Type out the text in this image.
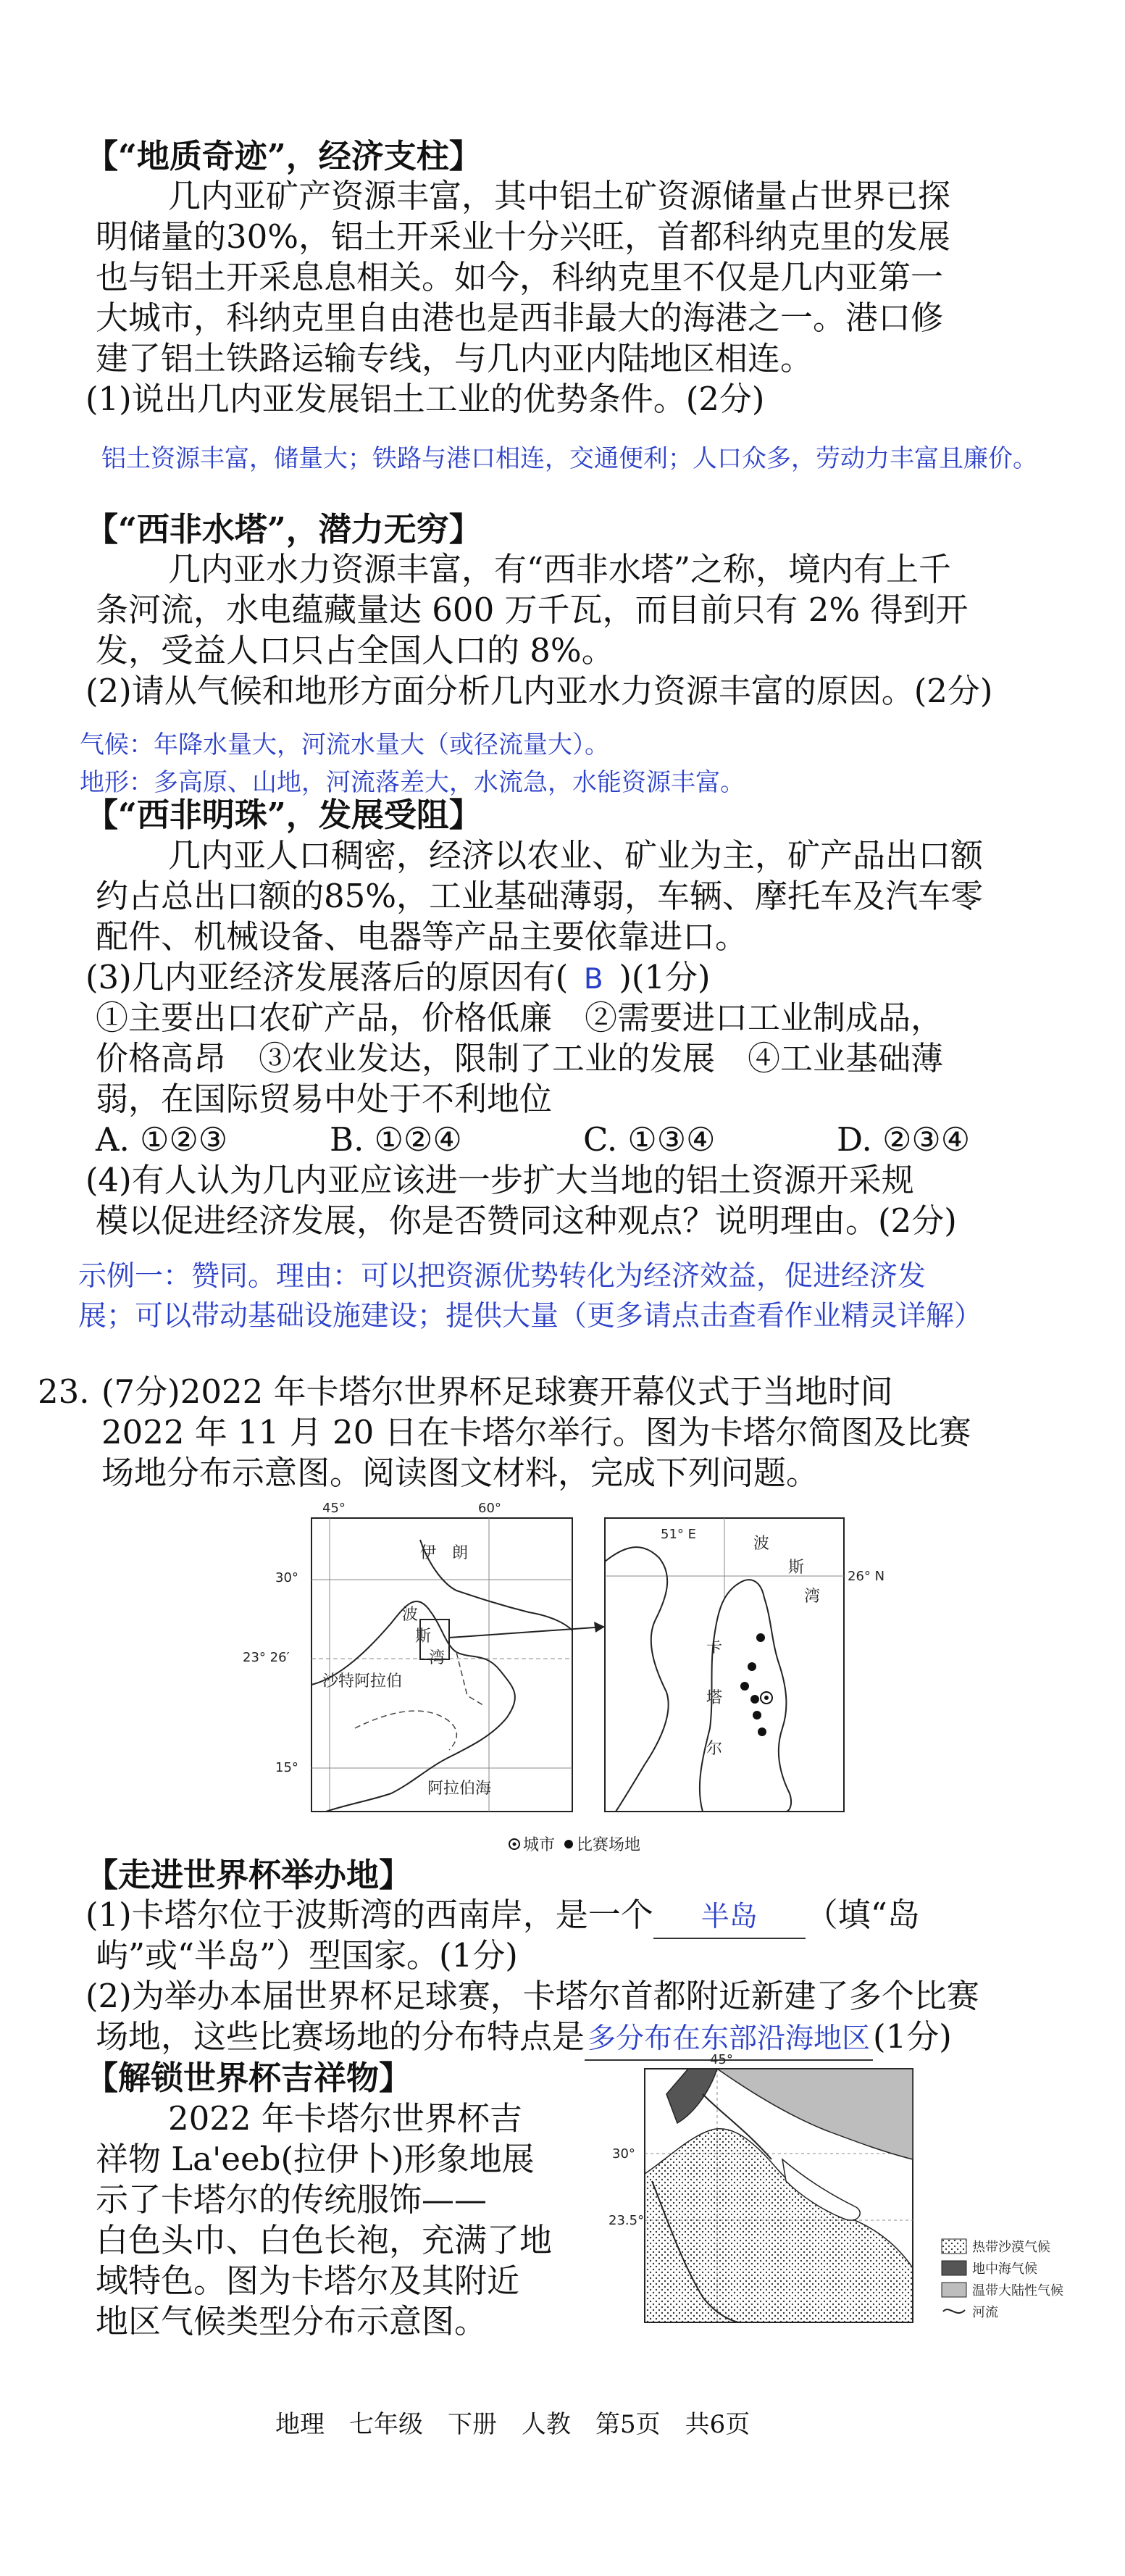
【“地质奇迹”，经济支柱】
几内亚矿产资源丰富，其中铝土矿资源储量占世界已探
明储量的30%，铝土开采业十分兴旺，首都科纳克里的发展
也与铝土开采息息相关。如今，科纳克里不仅是几内亚第一
大城市，科纳克里自由港也是西非最大的海港之一。港口修
建了铝土铁路运输专线，与几内亚内陆地区相连。
(1)说出几内亚发展铝土工业的优势条件。(2分)
铝土资源丰富，储量大；铁路与港口相连，交通便利；人口众多，劳动力丰富且廉价。
【“西非水塔”，潜力无穷】
几内亚水力资源丰富，有“西非水塔”之称，境内有上千
条河流，水电蕴藏量达 600 万千瓦，而目前只有 2% 得到开
发，受益人口只占全国人口的 8%。
(2)请从气候和地形方面分析几内亚水力资源丰富的原因。(2分)
气候：年降水量大，河流水量大（或径流量大）。
地形：多高原、山地，河流落差大，水流急，水能资源丰富。
【“西非明珠”，发展受阻】
几内亚人口稠密，经济以农业、矿业为主，矿产品出口额
约占总出口额的85%，工业基础薄弱，车辆、摩托车及汽车零
配件、机械设备、电器等产品主要依靠进口。
(3)几内亚经济发展落后的原因有( B )(1分)
①主要出口农矿产品，价格低廉　②需要进口工业制成品，
价格高昂　③农业发达，限制了工业的发展　④工业基础薄
弱，在国际贸易中处于不利地位
A. ①②③	B. ①②④	C. ①③④	D. ②③④
(4)有人认为几内亚应该进一步扩大当地的铝土资源开采规
模以促进经济发展，你是否赞同这种观点？说明理由。(2分)
示例一：赞同。理由：可以把资源优势转化为经济效益，促进经济发
展；可以带动基础设施建设；提供大量（更多请点击查看作业精灵详解）
23. (7分)2022 年卡塔尔世界杯足球赛开幕仪式于当地时间
2022 年 11 月 20 日在卡塔尔举行。图为卡塔尔简图及比赛
场地分布示意图。阅读图文材料，完成下列问题。
45°	60°
30°
23° 26′
15°
伊　朗
波
斯
湾
沙特阿拉伯
阿拉伯海
51° E
26° N
波
斯
湾
卡
塔
尔
城市 比赛场地
【走进世界杯举办地】
(1)卡塔尔位于波斯湾的西南岸，是一个 半岛 （填“岛
屿”或“半岛”）型国家。(1分)
(2)为举办本届世界杯足球赛，卡塔尔首都附近新建了多个比赛
场地，这些比赛场地的分布特点是 多分布在东部沿海地区(1分)
【解锁世界杯吉祥物】
2022 年卡塔尔世界杯吉
祥物 La'eeb(拉伊卜)形象地展
示了卡塔尔的传统服饰——
白色头巾、白色长袍，充满了地
域特色。图为卡塔尔及其附近
地区气候类型分布示意图。
45°
30°
23.5°
热带沙漠气候
地中海气候
温带大陆性气候
河流
地理　七年级　下册　人教　第5页　共6页
